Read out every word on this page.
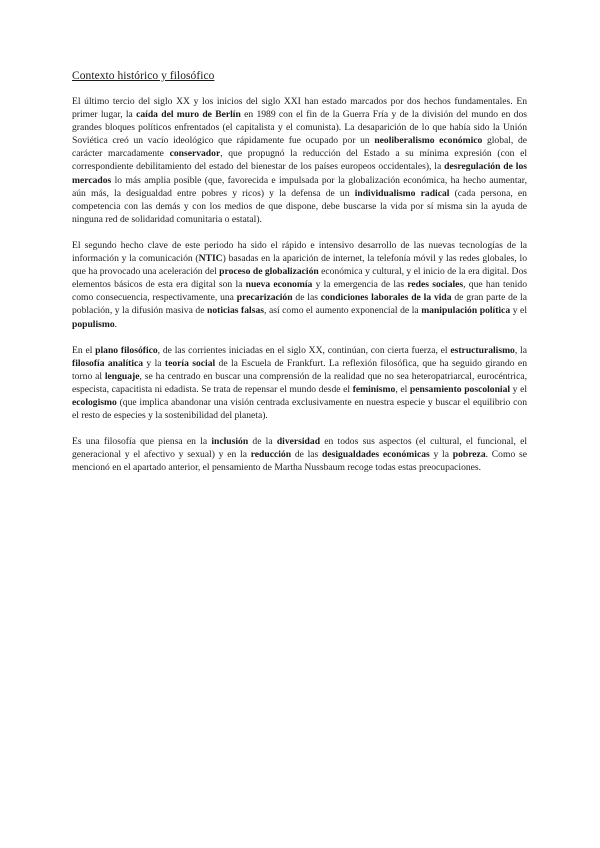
Contexto histórico y filosófico

El último tercio del siglo XX y los inicios del siglo XXI han estado marcados por dos hechos fundamentales. En primer lugar, la caída del muro de Berlín en 1989 con el fin de la Guerra Fría y de la división del mundo en dos grandes bloques políticos enfrentados (el capitalista y el comunista). La desaparición de lo que había sido la Unión Soviética creó un vacío ideológico que rápidamente fue ocupado por un neoliberalismo económico global, de carácter marcadamente conservador, que propugnó la reducción del Estado a su mínima expresión (con el correspondiente debilitamiento del estado del bienestar de los países europeos occidentales), la desregulación de los mercados lo más amplia posible (que, favorecida e impulsada por la globalización económica, ha hecho aumentar, aún más, la desigualdad entre pobres y ricos) y la defensa de un individualismo radical (cada persona, en competencia con las demás y con los medios de que dispone, debe buscarse la vida por sí misma sin la ayuda de ninguna red de solidaridad comunitaria o estatal).

El segundo hecho clave de este periodo ha sido el rápido e intensivo desarrollo de las nuevas tecnologías de la información y la comunicación (NTIC) basadas en la aparición de internet, la telefonía móvil y las redes globales, lo que ha provocado una aceleración del proceso de globalización económica y cultural, y el inicio de la era digital. Dos elementos básicos de esta era digital son la nueva economía y la emergencia de las redes sociales, que han tenido como consecuencia, respectivamente, una precarización de las condiciones laborales de la vida de gran parte de la población, y la difusión masiva de noticias falsas, así como el aumento exponencial de la manipulación política y el populismo.

En el plano filosófico, de las corrientes iniciadas en el siglo XX, continúan, con cierta fuerza, el estructuralismo, la filosofía analítica y la teoría social de la Escuela de Frankfurt. La reflexión filosófica, que ha seguido girando en torno al lenguaje, se ha centrado en buscar una comprensión de la realidad que no sea heteropatriarcal, eurocéntrica, especista, capacitista ni edadista. Se trata de repensar el mundo desde el feminismo, el pensamiento poscolonial y el ecologismo (que implica abandonar una visión centrada exclusivamente en nuestra especie y buscar el equilibrio con el resto de especies y la sostenibilidad del planeta).

Es una filosofía que piensa en la inclusión de la diversidad en todos sus aspectos (el cultural, el funcional, el generacional y el afectivo y sexual) y en la reducción de las desigualdades económicas y la pobreza. Como se mencionó en el apartado anterior, el pensamiento de Martha Nussbaum recoge todas estas preocupaciones.
